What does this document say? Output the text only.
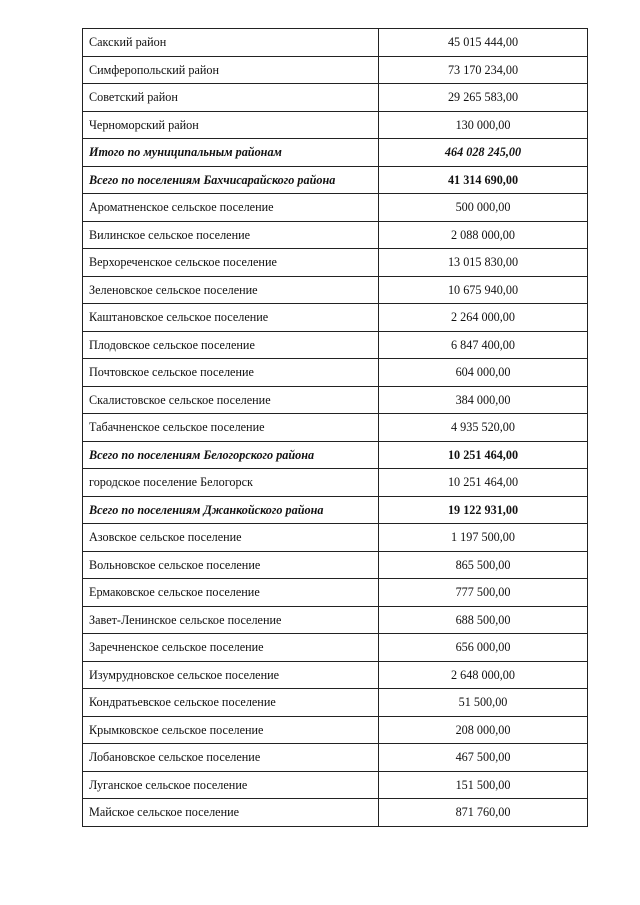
Сакский район	45 015 444,00
Симферопольский район	73 170 234,00
Советский район	29 265 583,00
Черноморский район	130 000,00
Итого по муниципальным районам	464 028 245,00
Всего по поселениям Бахчисарайского района	41 314 690,00
Ароматненское сельское поселение	500 000,00
Вилинское сельское поселение	2 088 000,00
Верхореченское сельское поселение	13 015 830,00
Зеленовское сельское поселение	10 675 940,00
Каштановское сельское поселение	2 264 000,00
Плодовское сельское поселение	6 847 400,00
Почтовское сельское поселение	604 000,00
Скалистовское сельское поселение	384 000,00
Табачненское сельское поселение	4 935 520,00
Всего по поселениям Белогорского района	10 251 464,00
городское поселение Белогорск	10 251 464,00
Всего по поселениям Джанкойского района	19 122 931,00
Азовское сельское поселение	1 197 500,00
Вольновское сельское поселение	865 500,00
Ермаковское сельское поселение	777 500,00
Завет-Ленинское сельское поселение	688 500,00
Заречненское сельское поселение	656 000,00
Изумрудновское сельское поселение	2 648 000,00
Кондратьевское сельское поселение	51 500,00
Крымковское сельское поселение	208 000,00
Лобановское сельское поселение	467 500,00
Луганское сельское поселение	151 500,00
Майское сельское поселение	871 760,00
